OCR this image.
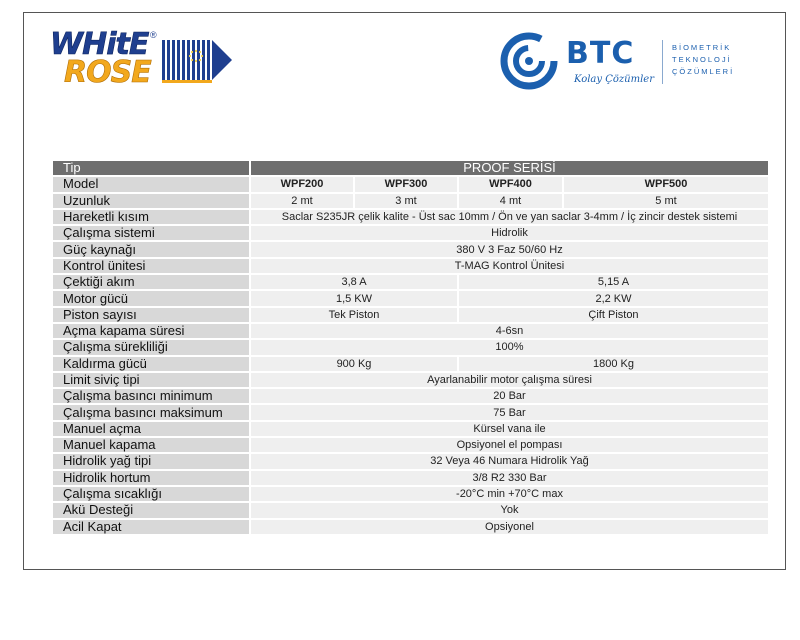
WHitE
ROSE
®
BTC
Kolay Çözümler
BİOMETRİK
TEKNOLOJİ
ÇÖZÜMLERİ
Tip	PROOF SERİSİ			
Model	WPF200	WPF300	WPF400	WPF500
Uzunluk	2 mt	3 mt	4 mt	5 mt
Hareketli kısım	Saclar S235JR çelik kalite - Üst sac 10mm / Ön ve yan saclar 3-4mm / İç zincir destek sistemi			
Çalışma sistemi	Hidrolik			
Güç kaynağı	380 V 3 Faz 50/60 Hz			
Kontrol ünitesi	T-MAG Kontrol Ünitesi			
Çektiği akım	3,8 A		5,15 A	
Motor gücü	1,5 KW		2,2 KW	
Piston sayısı	Tek Piston		Çift Piston	
Açma kapama süresi	4-6sn			
Çalışma sürekliliği	100%			
Kaldırma gücü	900 Kg		1800 Kg	
Limit siviç tipi	Ayarlanabilir motor çalışma süresi			
Çalışma basıncı minimum	20 Bar			
Çalışma basıncı maksimum	75 Bar			
Manuel açma	Kürsel vana ile			
Manuel kapama	Opsiyonel el pompası			
Hidrolik yağ tipi	32 Veya 46 Numara Hidrolik Yağ			
Hidrolik hortum	3/8 R2 330 Bar			
Çalışma sıcaklığı	-20°C min +70°C max			
Akü Desteği	Yok			
Acil Kapat	Opsiyonel			
